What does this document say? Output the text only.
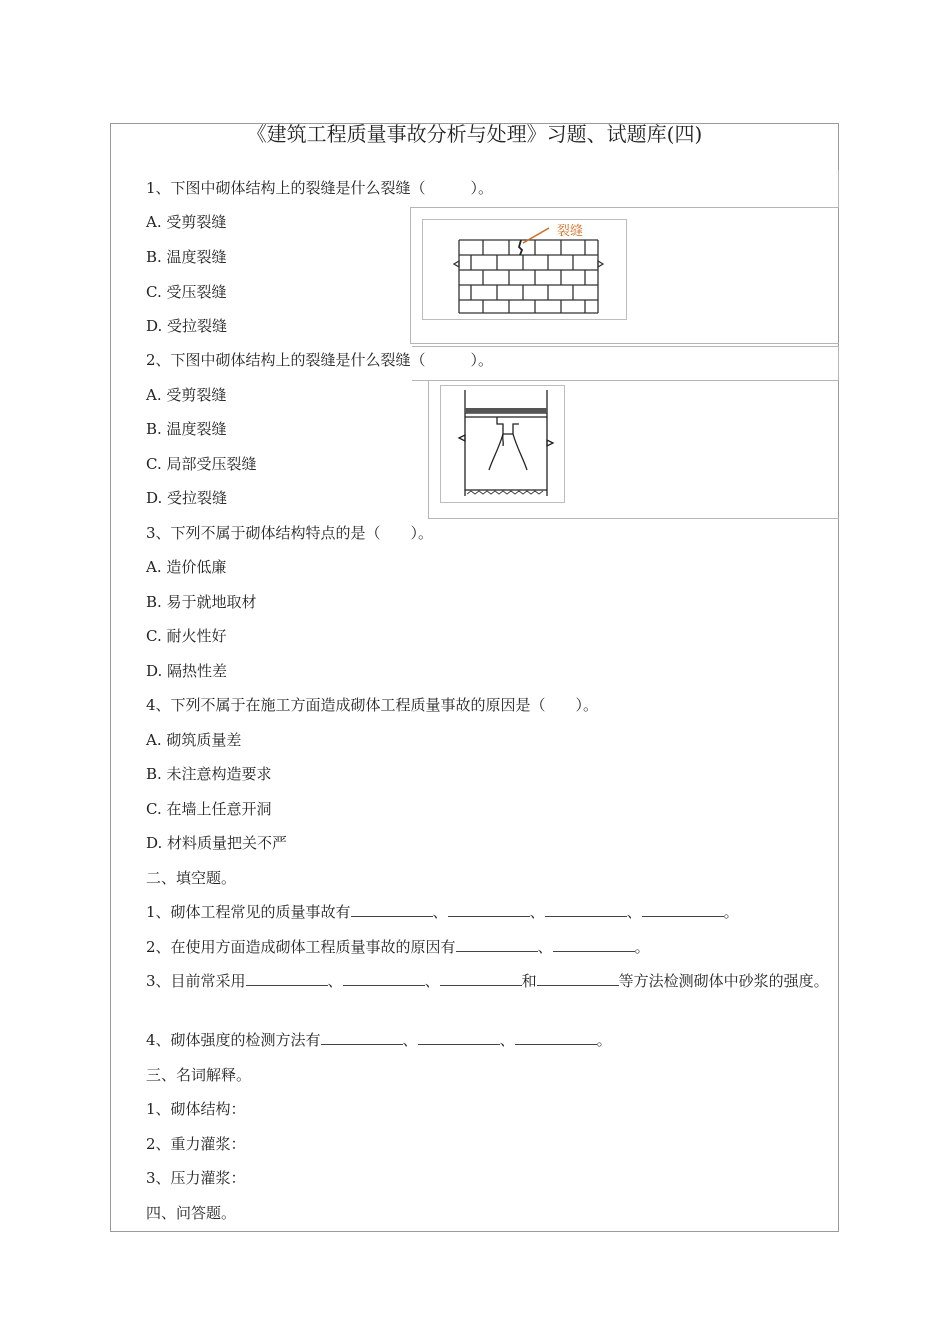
《建筑工程质量事故分析与处理》习题、试题库(四)
1、下图中砌体结构上的裂缝是什么裂缝（　　　）。
A. 受剪裂缝
B. 温度裂缝
C. 受压裂缝
D. 受拉裂缝
裂缝
2、下图中砌体结构上的裂缝是什么裂缝（　　　）。
A. 受剪裂缝
B. 温度裂缝
C. 局部受压裂缝
D. 受拉裂缝
3、下列不属于砌体结构特点的是（　　）。
A. 造价低廉
B. 易于就地取材
C. 耐火性好
D. 隔热性差
4、下列不属于在施工方面造成砌体工程质量事故的原因是（　　）。
A. 砌筑质量差
B. 未注意构造要求
C. 在墙上任意开洞
D. 材料质量把关不严
二、填空题。
1、砌体工程常见的质量事故有	、	、	、	。
2、在使用方面造成砌体工程质量事故的原因有	、	。
3、目前常采用	、	、	和	等方法检测砌体中砂浆的强度。
4、砌体强度的检测方法有	、	、	。
三、名词解释。
1、砌体结构：
2、重力灌浆：
3、压力灌浆：
四、问答题。
